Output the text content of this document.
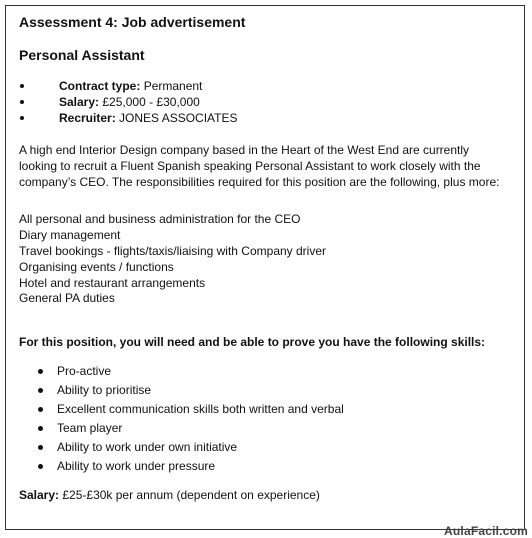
Assessment 4: Job advertisement
Personal Assistant
Contract type: Permanent
Salary: £25,000 - £30,000
Recruiter: JONES ASSOCIATES
A high end Interior Design company based in the Heart of the West End are currently
looking to recruit a Fluent Spanish speaking Personal Assistant to work closely with the
company’s CEO. The responsibilities required for this position are the following, plus more:
All personal and business administration for the CEO
Diary management
Travel bookings - flights/taxis/liaising with Company driver
Organising events / functions
Hotel and restaurant arrangements
General PA duties
For this position, you will need and be able to prove you have the following skills:
Pro-active
Ability to prioritise
Excellent communication skills both written and verbal
Team player
Ability to work under own initiative
Ability to work under pressure
Salary: £25-£30k per annum (dependent on experience)
AulaFacil.com
